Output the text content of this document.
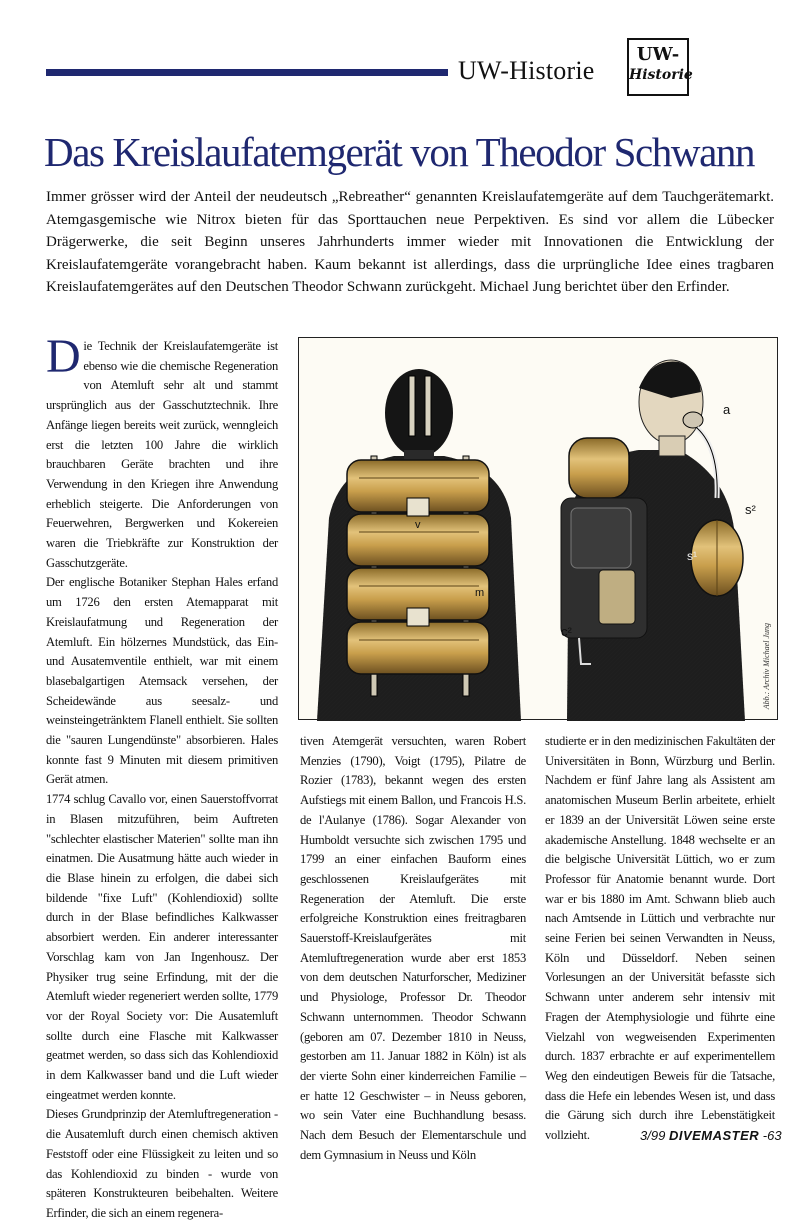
UW-Historie
UW-
Historie
Das Kreislaufatemgerät von Theodor Schwann

Immer grösser wird der Anteil der neudeutsch „Rebreather“ genannten Kreislaufatemgeräte auf dem Tauchgerätemarkt. Atemgasgemische wie Nitrox bieten für das Sporttauchen neue Perpektiven. Es sind vor allem die Lübecker Drägerwerke, die seit Beginn unseres Jahrhunderts immer wieder mit Innovationen die Entwicklung der Kreislaufatemgeräte vorangebracht haben. Kaum bekannt ist allerdings, dass die urprüngliche Idee eines tragbaren Kreislaufatemgerätes auf den Deutschen Theodor Schwann zurückgeht. Michael Jung berichtet über den Erfinder.

Die Technik der Kreislaufatemgeräte ist ebenso wie die chemische Regeneration von Atemluft sehr alt und stammt ursprünglich aus der Gasschutztechnik. Ihre Anfänge liegen bereits weit zurück, wenngleich erst die letzten 100 Jahre die wirklich brauchbaren Geräte brachten und ihre Verwendung in den Kriegen ihre Anwendung erheblich steigerte. Die Anforderungen von Feuerwehren, Bergwerken und Kokereien waren die Triebkräfte zur Konstruktion der Gasschutzgeräte.

Der englische Botaniker Stephan Hales erfand um 1726 den ersten Atemapparat mit Kreislaufatmung und Regeneration der Atemluft. Ein hölzernes Mundstück, das Ein- und Ausatemventile enthielt, war mit einem blasebalgartigen Atemsack versehen, der Scheidewände aus seesalz- und weinsteingetränktem Flanell enthielt. Sie sollten die "sauren Lungendünste" absorbieren. Hales konnte fast 9 Minuten mit diesem primitiven Gerät atmen.

1774 schlug Cavallo vor, einen Sauerstoffvorrat in Blasen mitzuführen, beim Auftreten "schlechter elastischer Materien" sollte man ihn einatmen. Die Ausatmung hätte auch wieder in die Blase hinein zu erfolgen, die dabei sich bildende "fixe Luft" (Kohlendioxid) sollte durch in der Blase befindliches Kalkwasser absorbiert werden. Ein anderer interessanter Vorschlag kam von Jan Ingenhousz. Der Physiker trug seine Erfindung, mit der die Atemluft wieder regeneriert werden sollte, 1779 vor der Royal Society vor: Die Ausatemluft sollte durch eine Flasche mit Kalkwasser geatmet werden, so dass sich das Kohlendioxid in dem Kalkwasser band und die Luft wieder eingeatmet werden konnte.

Dieses Grundprinzip der Atemluftregeneration - die Ausatemluft durch einen chemisch aktiven Feststoff oder eine Flüssigkeit zu leiten und so das Kohlendioxid zu binden - wurde von späteren Konstrukteuren beibehalten. Weitere Erfinder, die sich an einem regenera-

a
s²
s¹
c²
m
v
Abb.: Archiv Michael Jung

tiven Atemgerät versuchten, waren Robert Menzies (1790), Voigt (1795), Pilatre de Rozier (1783), bekannt wegen des ersten Aufstiegs mit einem Ballon, und Francois H.S. de l'Aulanye (1786). Sogar Alexander von Humboldt versuchte sich zwischen 1795 und 1799 an einer einfachen Bauform eines geschlossenen Kreislaufgerätes mit Regeneration der Atemluft. Die erste erfolgreiche Konstruktion eines freitragbaren Sauerstoff-Kreislaufgerätes mit Atemluftregeneration wurde aber erst 1853 von dem deutschen Naturforscher, Mediziner und Physiologe, Professor Dr. Theodor Schwann unternommen. Theodor Schwann (geboren am 07. Dezember 1810 in Neuss, gestorben am 11. Januar 1882 in Köln) ist als der vierte Sohn einer kinderreichen Familie – er hatte 12 Geschwister – in Neuss geboren, wo sein Vater eine Buchhandlung besass. Nach dem Besuch der Elementarschule und dem Gymnasium in Neuss und Köln

studierte er in den medizinischen Fakultäten der Universitäten in Bonn, Würzburg und Berlin. Nachdem er fünf Jahre lang als Assistent am anatomischen Museum Berlin arbeitete, erhielt er 1839 an der Universität Löwen seine erste akademische Anstellung. 1848 wechselte er an die belgische Universität Lüttich, wo er zum Professor für Anatomie benannt wurde. Dort war er bis 1880 im Amt. Schwann blieb auch nach Amtsende in Lüttich und verbrachte nur seine Ferien bei seinen Verwandten in Neuss, Köln und Düsseldorf. Neben seinen Vorlesungen an der Universität befasste sich Schwann unter anderem sehr intensiv mit Fragen der Atemphysiologie und führte eine Vielzahl von wegweisenden Experimenten durch. 1837 erbrachte er auf experimentellem Weg den eindeutigen Beweis für die Tatsache, dass die Hefe ein lebendes Wesen ist, und dass die Gärung sich durch ihre Lebenstätigkeit vollzieht.	3/99 DIVEMASTER -63
